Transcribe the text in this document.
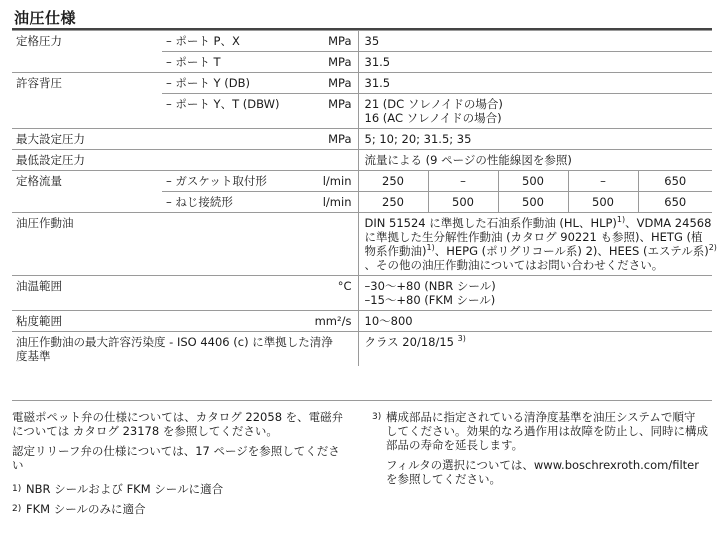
油圧仕様
定格圧力	– ポート P、X	MPa	35				
	– ポート T	MPa	31.5				
許容背圧	– ポート Y (DB)	MPa	31.5				
	– ポート Y、T (DBW)	MPa	21 (DC ソレノイドの場合)
16 (AC ソレノイドの場合)				

最大設定圧力		MPa	5; 10; 20; 31.5; 35				
最低設定圧力			流量による (9 ページの性能線図を参照)				
定格流量	– ガスケット取付形	l/min	250	–	500	–	650
	– ねじ接続形	l/min	250	500	500	500	650
油圧作動油			DIN 51524 に準拠した石油系作動油 (HL、HLP)$^{1)}$、VDMA 24568
に準拠した生分解性作動油 (カタログ 90221 も参照)、HETG (植
物系作動油)$^{1)}$、HEPG (ポリグリコール系) 2)、HEES (エステル系)$^{2)}$
、その他の油圧作動油についてはお問い合わせください。				

油温範囲		°C	–30〜+80 (NBR シール)
–15〜+80 (FKM シール)				

粘度範囲		mm²/s	10〜800				

油圧作動油の最大許容汚染度 - ISO 4406 (c) に準拠した清浄
度基準			クラス 20/18/15 $^{3)}$

電磁ポペット弁の仕様については、カタログ 22058 を、電磁弁
については カタログ 23178 を参照してください。

認定リリーフ弁の仕様については、17 ページを参照してくださ
い

1) NBR シールおよび FKM シールに適合
2) FKM シールのみに適合
3) 構成部品に指定されている清浄度基準を油圧システムで順守
してください。効果的なろ過作用は故障を防止し、同時に構成
部品の寿命を延長します。
フィルタの選択については、www.boschrexroth.com/filter
を参照してください。
